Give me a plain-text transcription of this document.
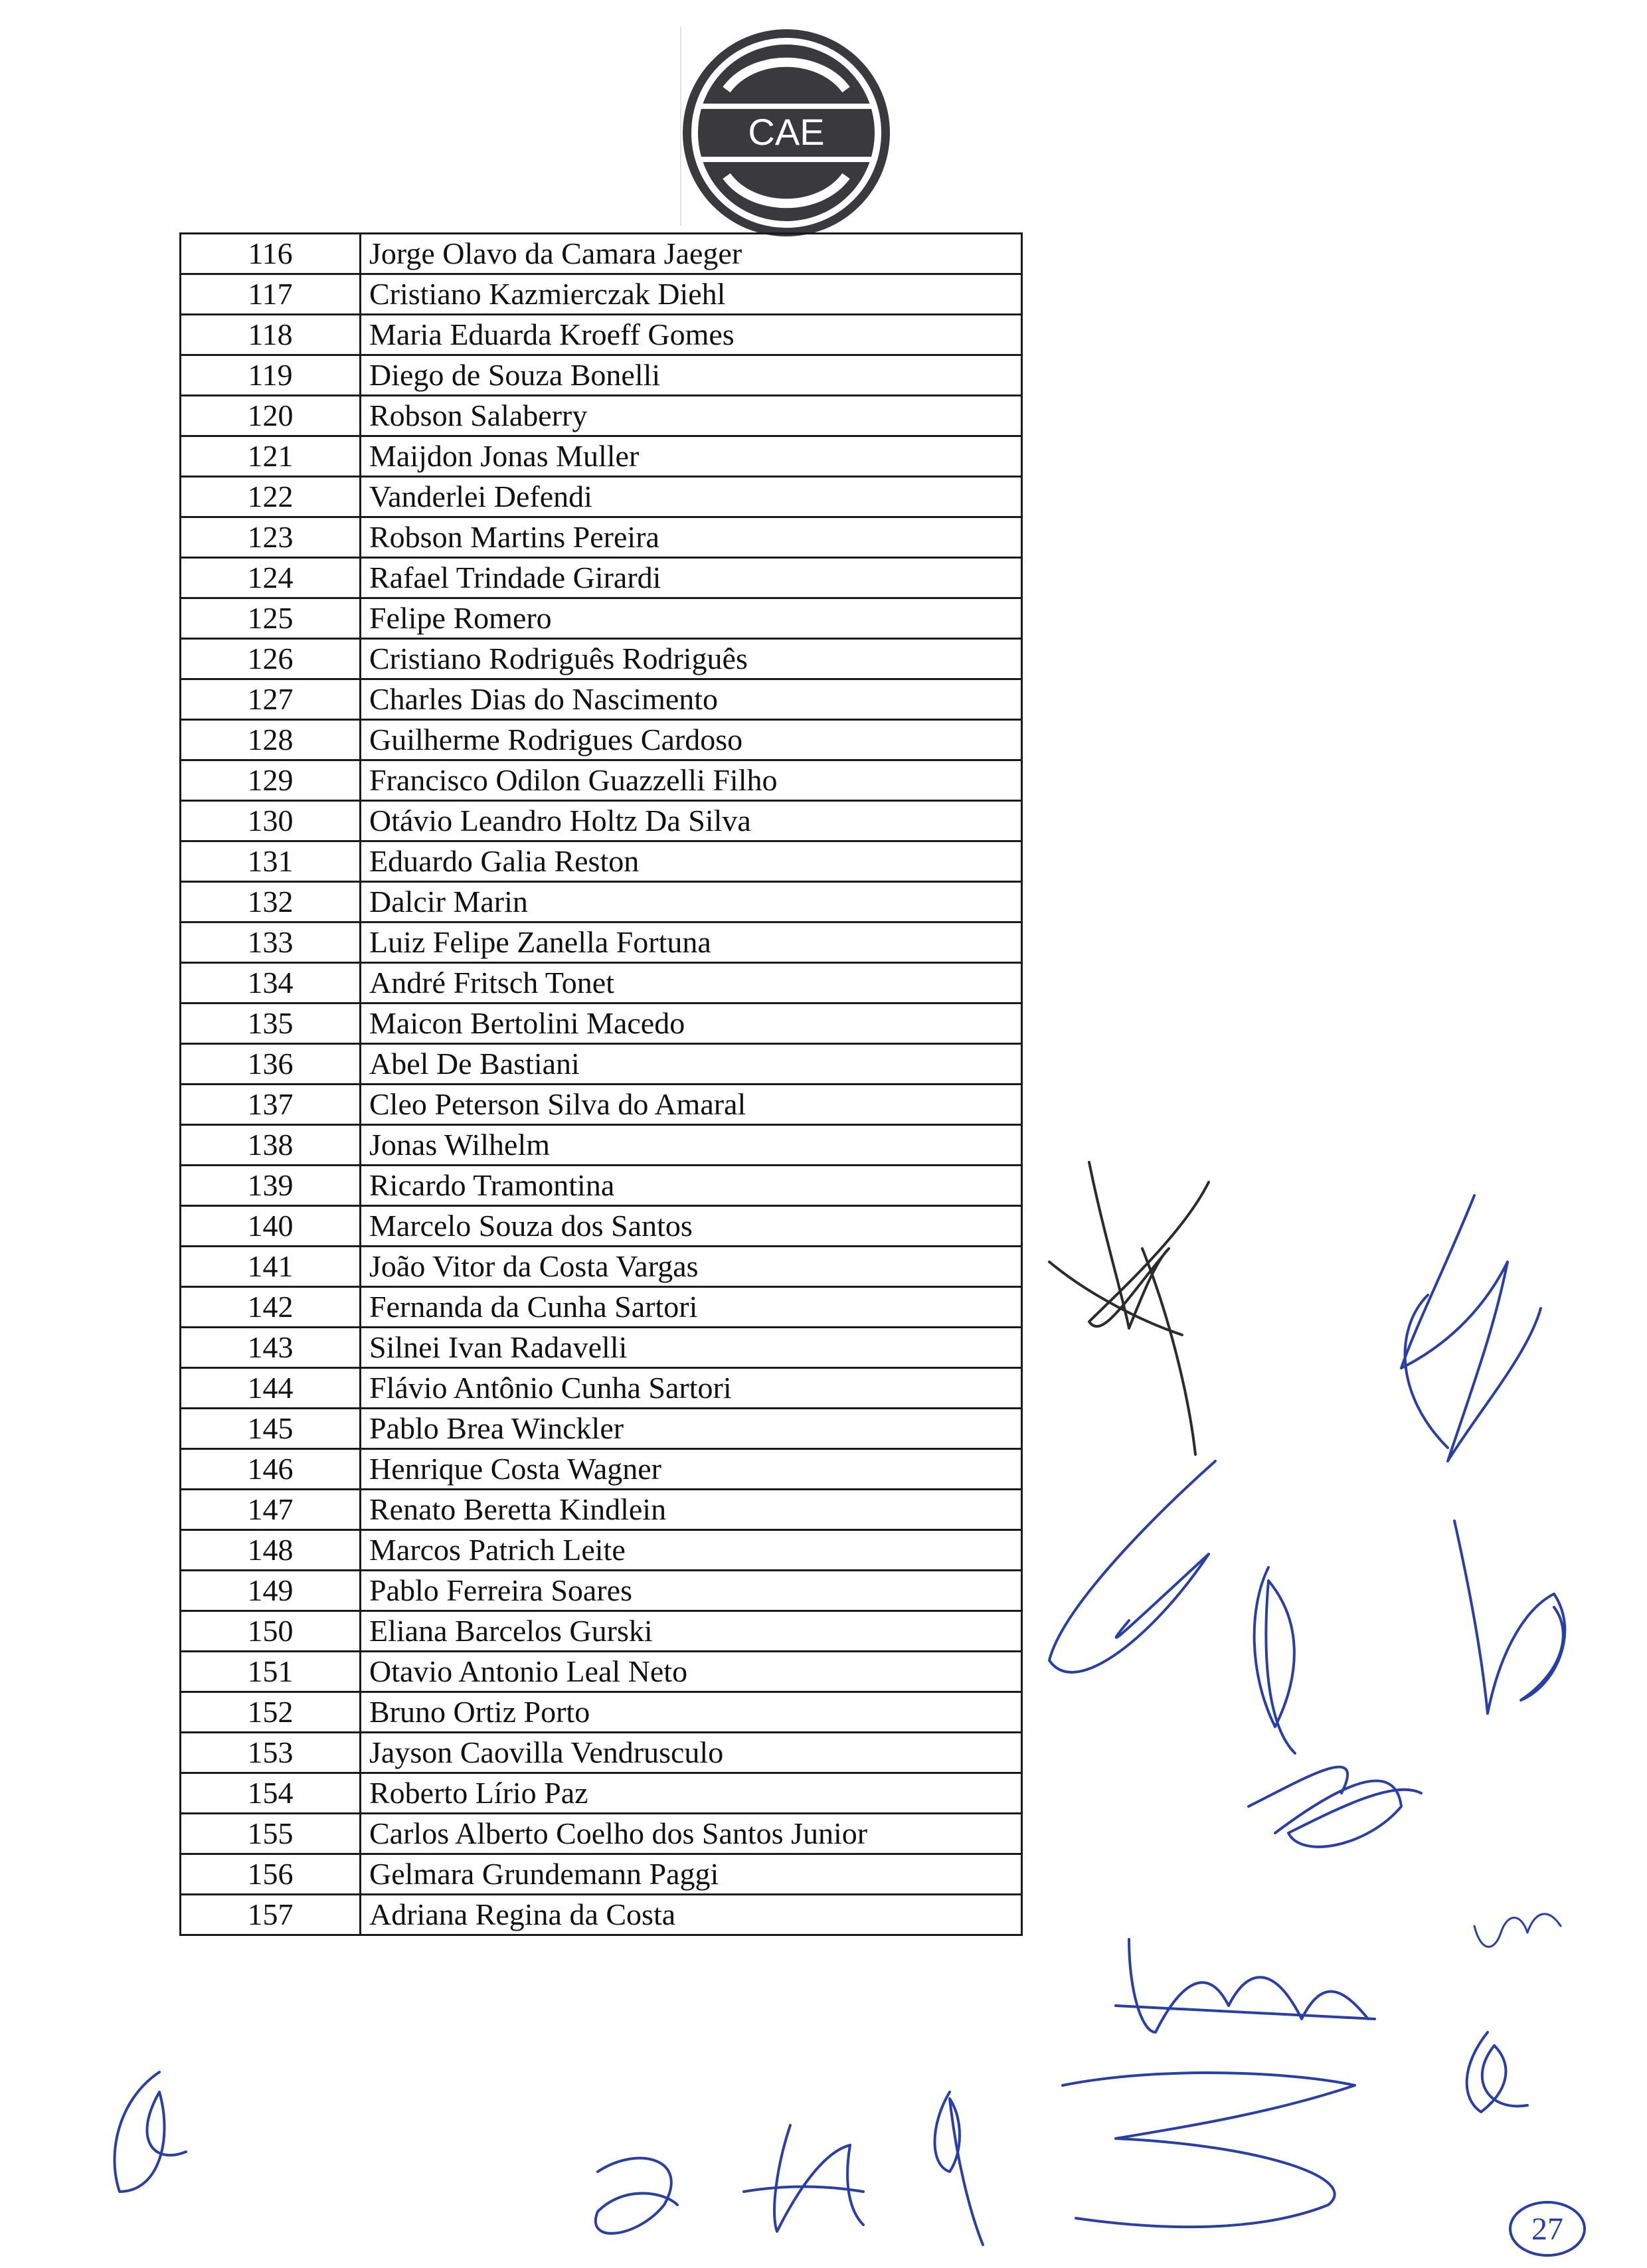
CAE
116	Jorge Olavo da Camara Jaeger
117	Cristiano Kazmierczak Diehl
118	Maria Eduarda Kroeff Gomes
119	Diego de Souza Bonelli
120	Robson Salaberry
121	Maijdon Jonas Muller
122	Vanderlei Defendi
123	Robson Martins Pereira
124	Rafael Trindade Girardi
125	Felipe Romero
126	Cristiano Rodriguês Rodriguês
127	Charles Dias do Nascimento
128	Guilherme Rodrigues Cardoso
129	Francisco Odilon Guazzelli Filho
130	Otávio Leandro Holtz Da Silva
131	Eduardo Galia Reston
132	Dalcir Marin
133	Luiz Felipe Zanella Fortuna
134	André Fritsch Tonet
135	Maicon Bertolini Macedo
136	Abel De Bastiani
137	Cleo Peterson Silva do Amaral
138	Jonas Wilhelm
139	Ricardo Tramontina
140	Marcelo Souza dos Santos
141	João Vitor da Costa Vargas
142	Fernanda da Cunha Sartori
143	Silnei Ivan Radavelli
144	Flávio Antônio Cunha Sartori
145	Pablo Brea Winckler
146	Henrique Costa Wagner
147	Renato Beretta Kindlein
148	Marcos Patrich Leite
149	Pablo Ferreira Soares
150	Eliana Barcelos Gurski
151	Otavio Antonio Leal Neto
152	Bruno Ortiz Porto
153	Jayson Caovilla Vendrusculo
154	Roberto Lírio Paz
155	Carlos Alberto Coelho dos Santos Junior
156	Gelmara Grundemann Paggi
157	Adriana Regina da Costa
27
